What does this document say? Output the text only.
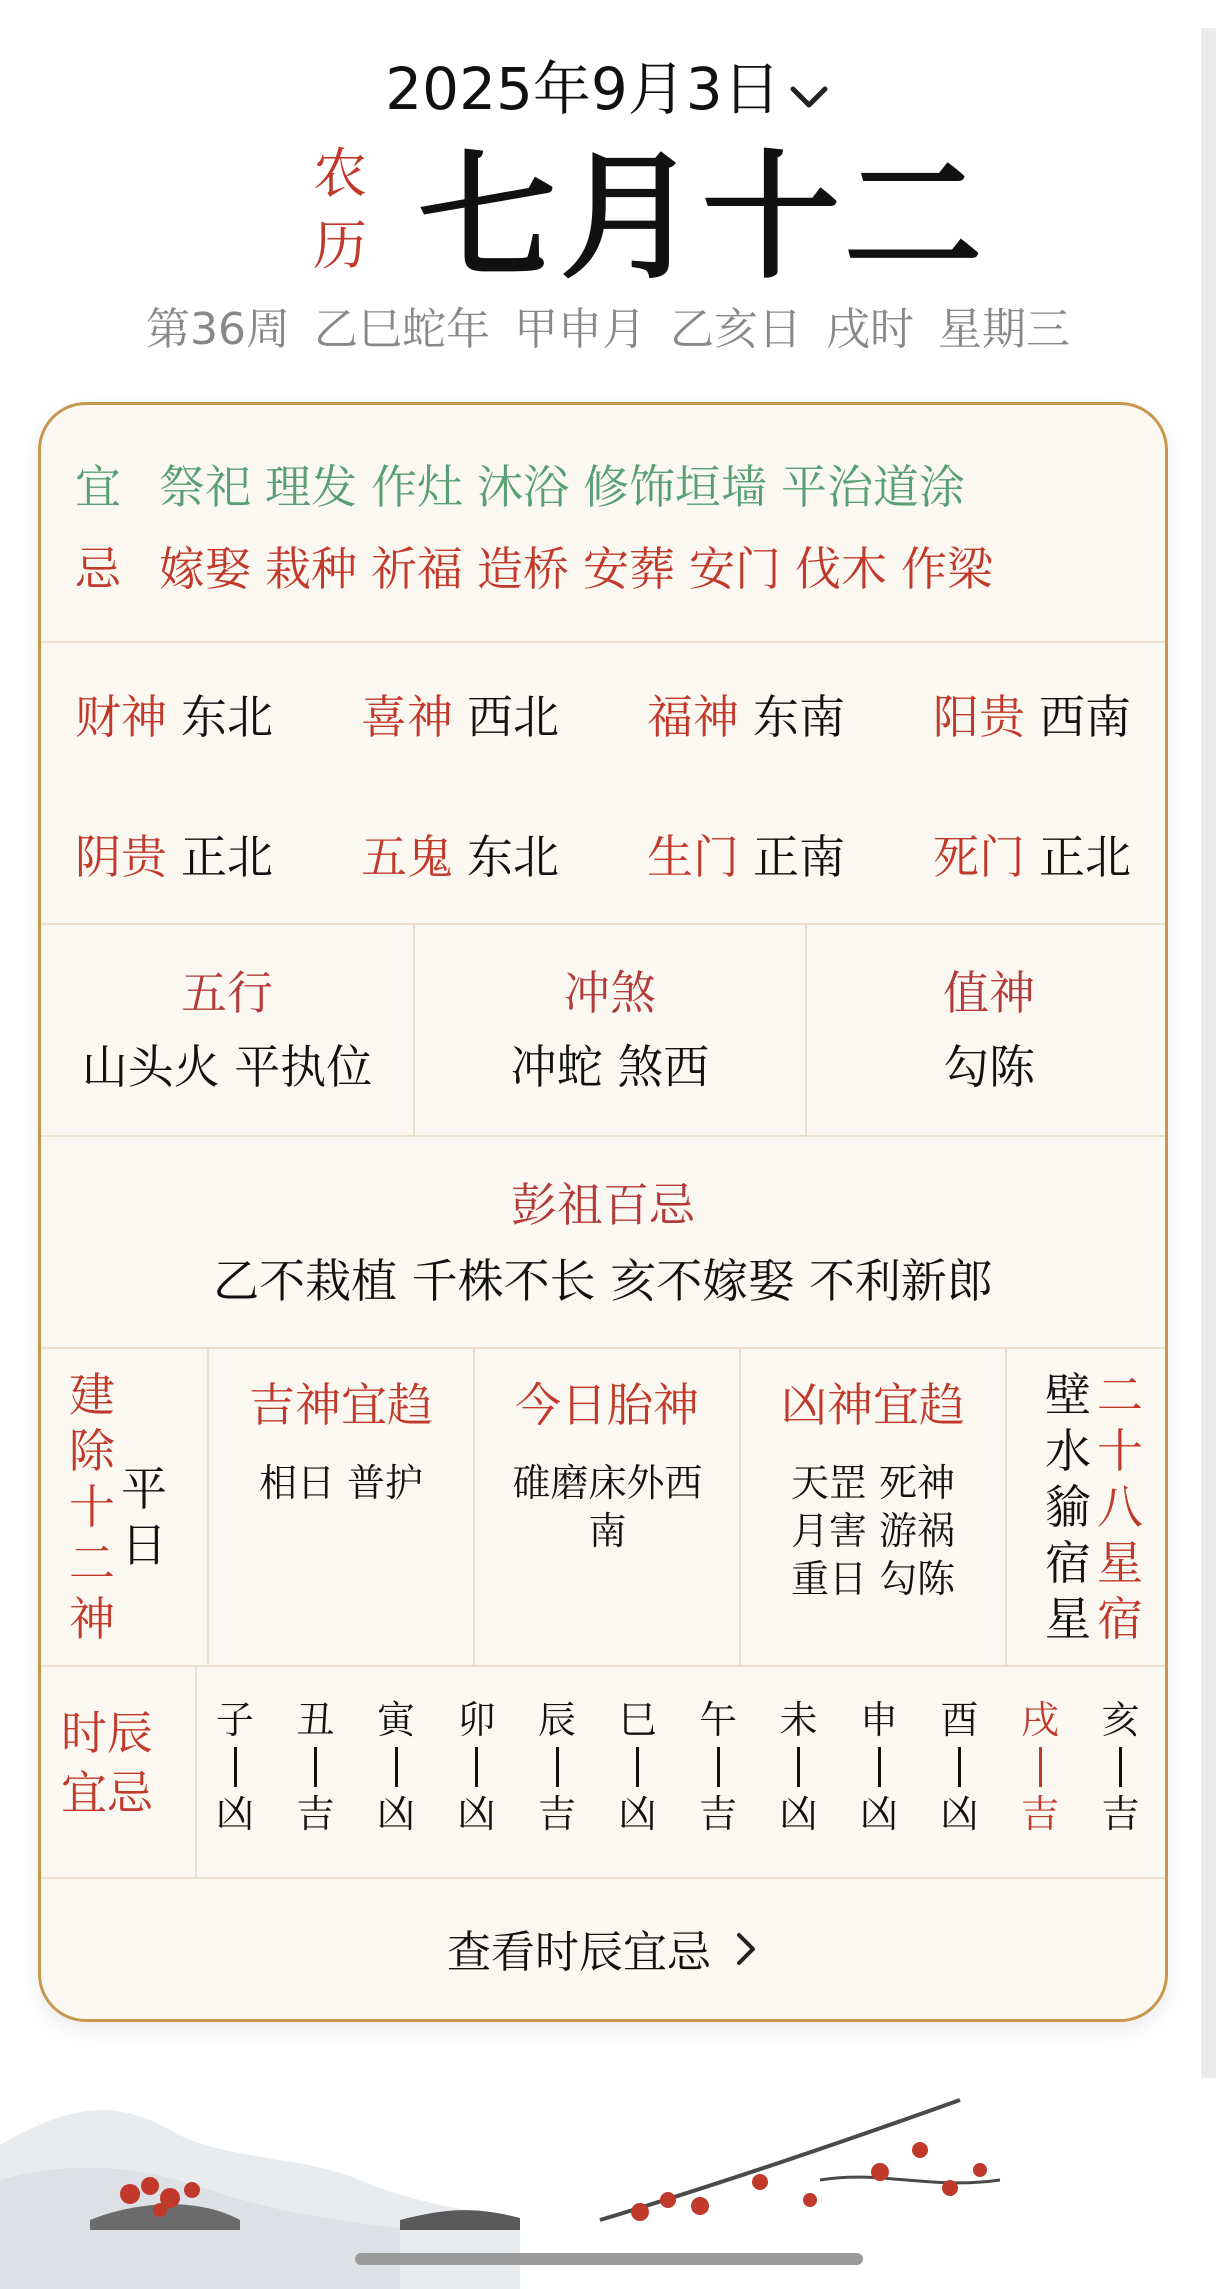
2025年9月3日
农
历 七月十二
第36周 乙巳蛇年 甲申月 乙亥日 戌时 星期三
宜 祭祀 理发 作灶 沐浴 修饰垣墙 平治道涂
忌 嫁娶 栽种 祈福 造桥 安葬 安门 伐木 作梁
财神 东北 喜神 西北 福神 东南 阳贵 西南
阴贵 正北 五鬼 东北 生门 正南 死门 正北
五行
山头火 平执位
冲煞
冲蛇 煞西
值神
勾陈
彭祖百忌
乙不栽植 千株不长 亥不嫁娶 不利新郎
建
除
十
二
神
平
日
吉神宜趋
相日 普护
今日胎神
碓磨床外西
南
凶神宜趋
天罡 死神
月害 游祸
重日 勾陈
壁
水
貐
宿
星
二
十
八
星
宿
时辰
宜忌
子
凶
丑
吉
寅
凶
卯
凶
辰
吉
巳
凶
午
吉
未
凶
申
凶
酉
凶
戌
吉
亥
吉
查看时辰宜忌
